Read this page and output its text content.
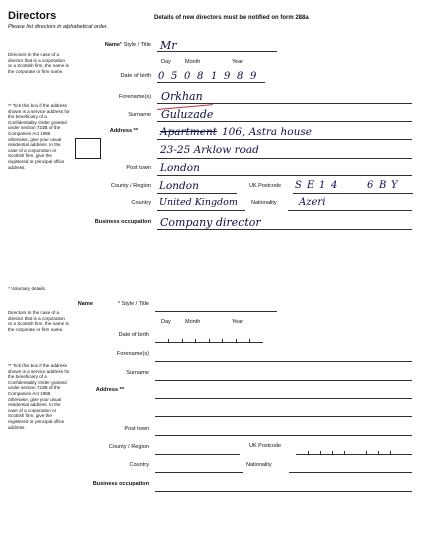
Directors
Please list directors in alphabetical order.
Details of new directors must be notified on form 288a
Directors In the case of a director that is a corporation or a Scottish firm, the name is the corporate or firm name.
** Tick this box if the address shown is a service address for the beneficiary of a Confidentiality Order granted under section 723B of the Companies Act 1985 otherwise, give your usual residential address. In the case of a corporation or Scottish firm, give the registered or principal office address.
Name * Style / Title Mr
Day	Month	Year
Date of birth 0 5 0 8 1 9 8 9
Forename(s) Orkhan
Surname Guluzade
Address ** Apartment 106, Astra house
23-25 Arklow road
Post town London
County / Region London	UK Postcode S E 1 4	6 B Y
Country United Kingdom Nationality Azeri
Business occupation Company director
* Voluntary details.
Directors In the case of a director that is a corporation or a Scottish firm, the name is the corporate or firm name.
** Tick this box if the address shown is a service address for the beneficiary of a Confidentiality Order granted under section 723B of the Companies Act 1985 otherwise, give your usual residential address. In the case of a corporation or Scottish firm, give the registered or principal office address.
Name	* Style / Title
Day	Month	Year
Date of birth
Forename(s)
Surname
Address **
Post town
County / Region	UK Postcode
Country	Nationality
Business occupation
